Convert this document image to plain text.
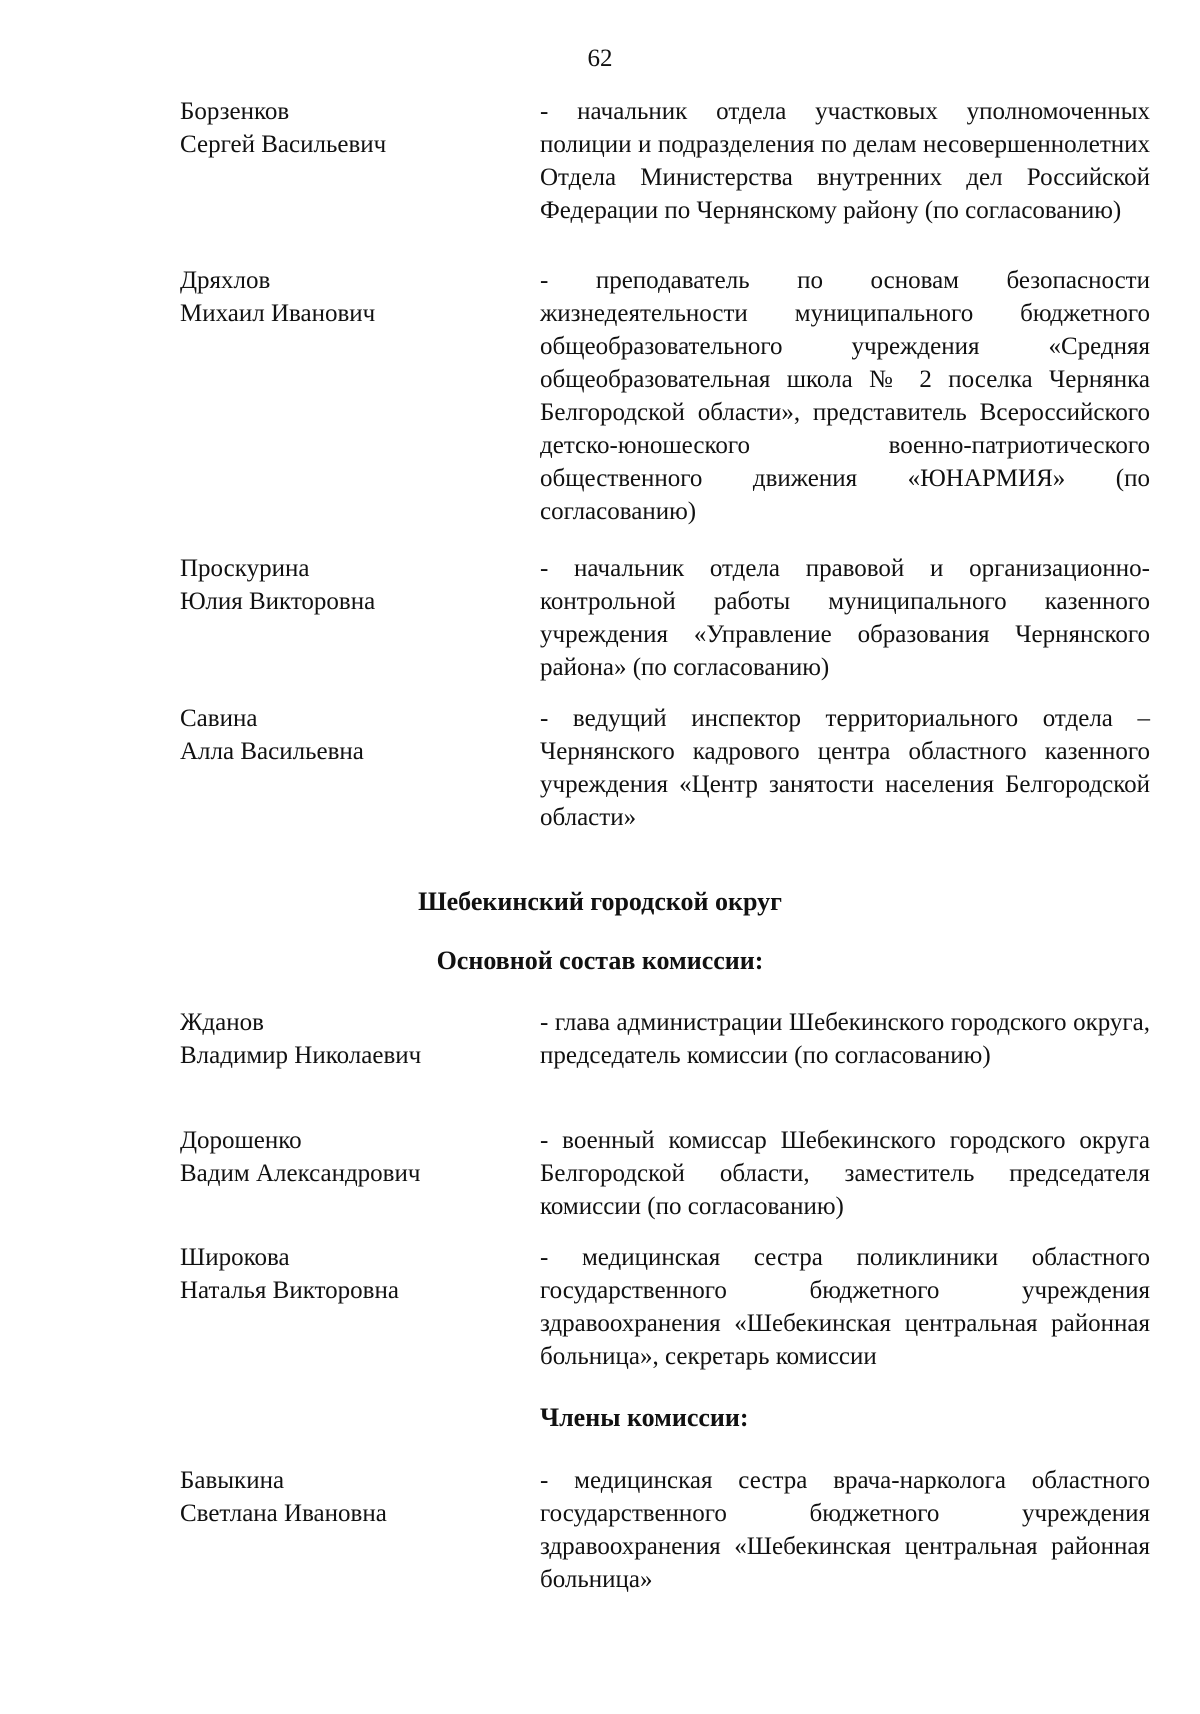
62
Борзенков
Сергей Васильевич
- начальник отдела участковых уполномоченных полиции и подразделения по делам несовершеннолетних Отдела Министерства внутренних дел Российской Федерации по Чернянскому району (по согласованию)
Дряхлов
Михаил Иванович
- преподаватель по основам безопасности жизнедеятельности муниципального бюджетного общеобразовательного учреждения «Средняя общеобразовательная школа № 2 поселка Чернянка Белгородской области», представитель Всероссийского детско-юношеского военно-патриотического общественного движения «ЮНАРМИЯ» (по согласованию)
Проскурина
Юлия Викторовна
- начальник отдела правовой и организационно-контрольной работы муниципального казенного учреждения «Управление образования Чернянского района» (по согласованию)
Савина
Алла Васильевна
- ведущий инспектор территориального отдела – Чернянского кадрового центра областного казенного учреждения «Центр занятости населения Белгородской области»
Шебекинский городской округ
Основной состав комиссии:
Жданов
Владимир Николаевич
- глава администрации Шебекинского городского округа, председатель комиссии (по согласованию)
Дорошенко
Вадим Александрович
- военный комиссар Шебекинского городского округа Белгородской области, заместитель председателя комиссии (по согласованию)
Широкова
Наталья Викторовна
- медицинская сестра поликлиники областного государственного бюджетного учреждения здравоохранения «Шебекинская центральная районная больница», секретарь комиссии
Члены комиссии:
Бавыкина
Светлана Ивановна
- медицинская сестра врача-нарколога областного государственного бюджетного учреждения здравоохранения «Шебекинская центральная районная больница»
